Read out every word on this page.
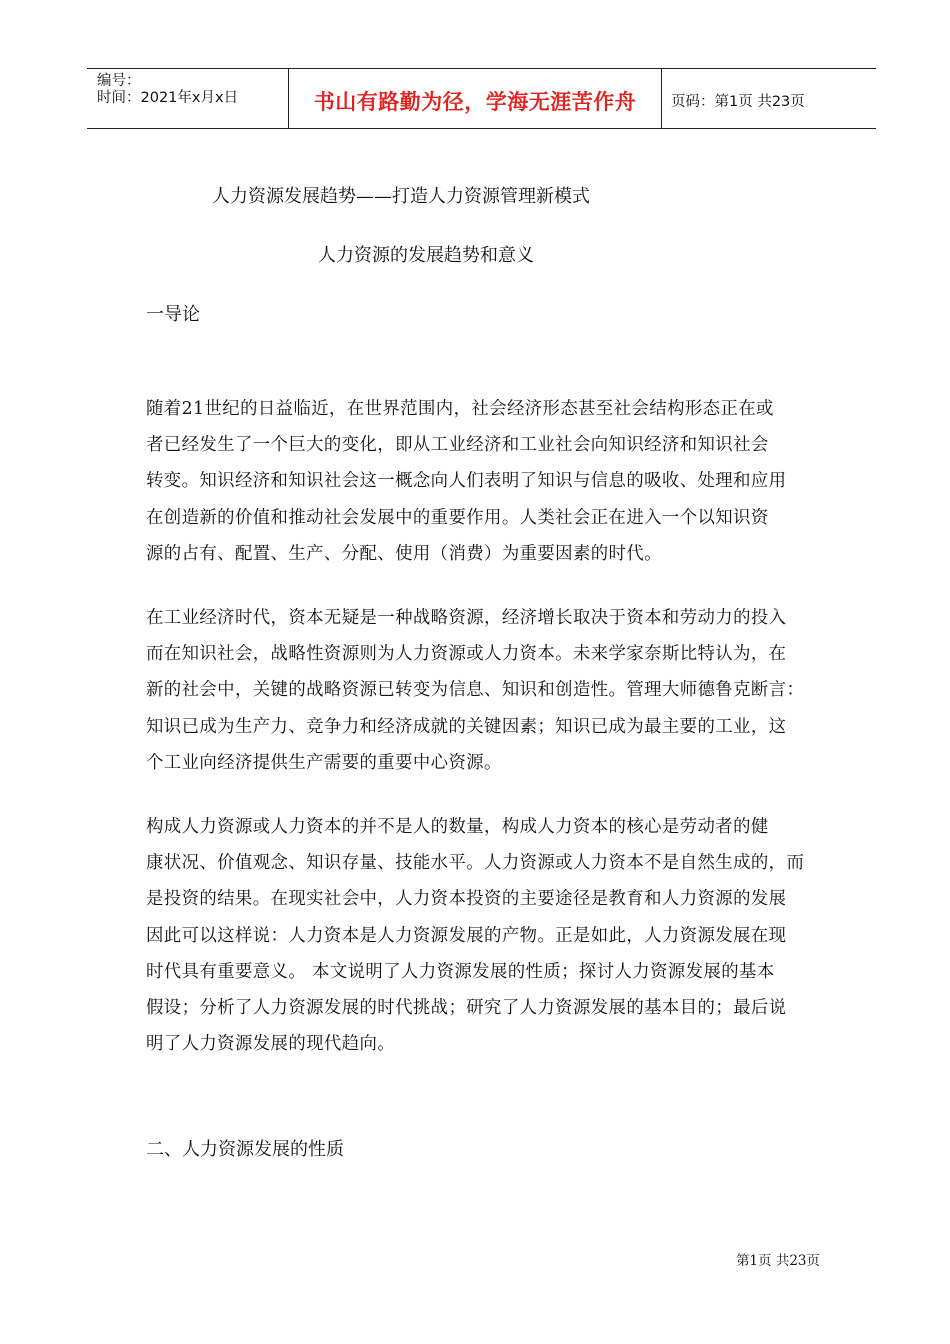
编号：
时间：2021年x月x日	书山有路勤为径，学海无涯苦作舟 页码：第1页 共23页
人力资源发展趋势——打造人力资源管理新模式
人力资源的发展趋势和意义
一导论

随着21世纪的日益临近，在世界范围内，社会经济形态甚至社会结构形态正在或
者已经发生了一个巨大的变化，即从工业经济和工业社会向知识经济和知识社会
转变。知识经济和知识社会这一概念向人们表明了知识与信息的吸收、处理和应用
在创造新的价值和推动社会发展中的重要作用。人类社会正在进入一个以知识资
源的占有、配置、生产、分配、使用（消费）为重要因素的时代。

在工业经济时代，资本无疑是一种战略资源，经济增长取决于资本和劳动力的投入
而在知识社会，战略性资源则为人力资源或人力资本。未来学家奈斯比特认为，在
新的社会中，关键的战略资源已转变为信息、知识和创造性。管理大师德鲁克断言：
知识已成为生产力、竞争力和经济成就的关键因素；知识已成为最主要的工业，这
个工业向经济提供生产需要的重要中心资源。

构成人力资源或人力资本的并不是人的数量，构成人力资本的核心是劳动者的健
康状况、价值观念、知识存量、技能水平。人力资源或人力资本不是自然生成的，而
是投资的结果。在现实社会中，人力资本投资的主要途径是教育和人力资源的发展
因此可以这样说：人力资本是人力资源发展的产物。正是如此，人力资源发展在现
时代具有重要意义。 本文说明了人力资源发展的性质；探讨人力资源发展的基本
假设；分析了人力资源发展的时代挑战；研究了人力资源发展的基本目的；最后说
明了人力资源发展的现代趋向。

二、人力资源发展的性质
第1页 共23页
